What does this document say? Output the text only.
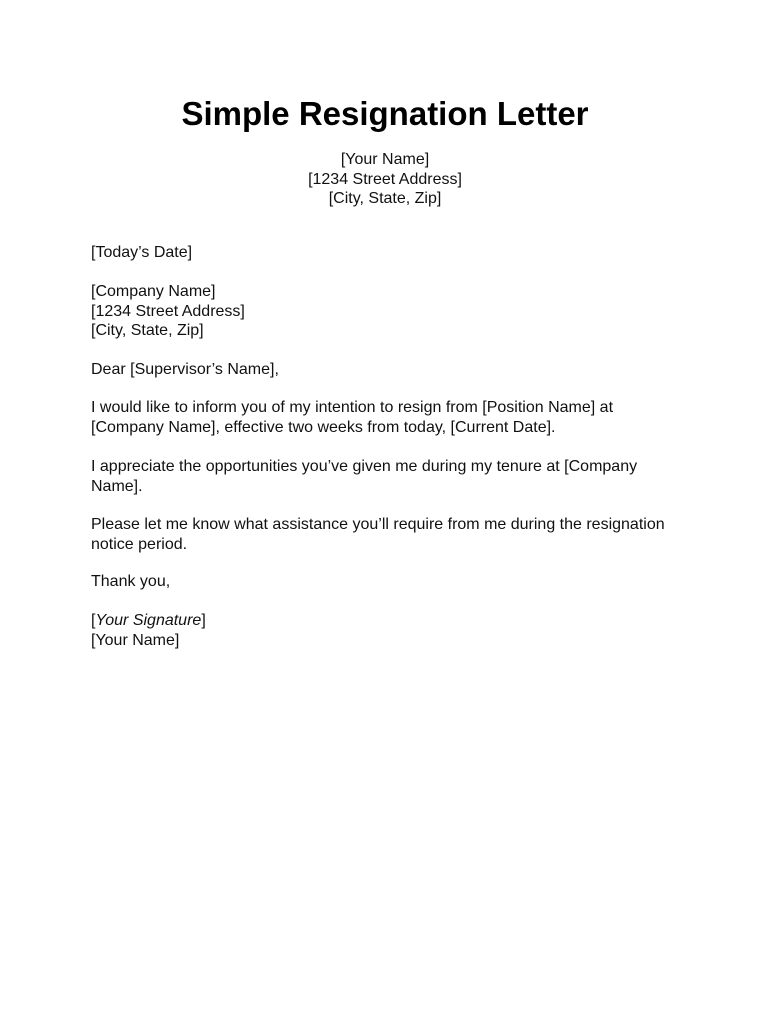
Simple Resignation Letter
[Your Name]
[1234 Street Address]
[City, State, Zip]
[Today’s Date]
[Company Name]
[1234 Street Address]
[City, State, Zip]
Dear [Supervisor’s Name],
I would like to inform you of my intention to resign from [Position Name] at
[Company Name], effective two weeks from today, [Current Date].
I appreciate the opportunities you’ve given me during my tenure at [Company
Name].
Please let me know what assistance you’ll require from me during the resignation
notice period.
Thank you,
[Your Signature]
[Your Name]
